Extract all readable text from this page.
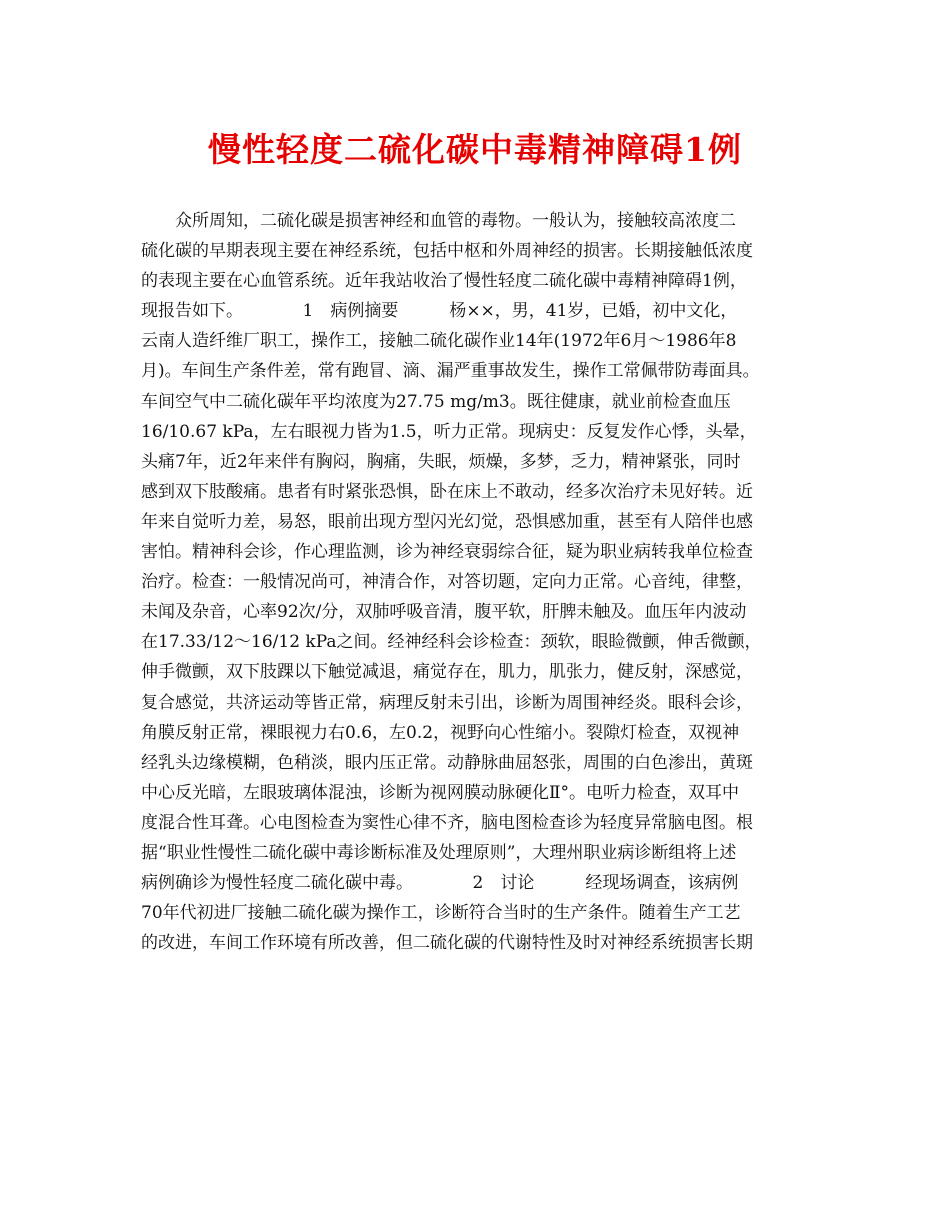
慢性轻度二硫化碳中毒精神障碍1例
　　众所周知，二硫化碳是损害神经和血管的毒物。一般认为，接触较高浓度二
硫化碳的早期表现主要在神经系统，包括中枢和外周神经的损害。长期接触低浓度
的表现主要在心血管系统。近年我站收治了慢性轻度二硫化碳中毒精神障碍1例，
现报告如下。　　　　1　病例摘要　　　杨××，男，41岁，已婚，初中文化，
云南人造纤维厂职工，操作工，接触二硫化碳作业14年(1972年6月～1986年8
月)。车间生产条件差，常有跑冒、滴、漏严重事故发生，操作工常佩带防毒面具。
车间空气中二硫化碳年平均浓度为27.75 mg/m3。既往健康，就业前检查血压
16/10.67 kPa，左右眼视力皆为1.5，听力正常。现病史：反复发作心悸，头晕，
头痛7年，近2年来伴有胸闷，胸痛，失眠，烦燥，多梦，乏力，精神紧张，同时
感到双下肢酸痛。患者有时紧张恐惧，卧在床上不敢动，经多次治疗未见好转。近
年来自觉听力差，易怒，眼前出现方型闪光幻觉，恐惧感加重，甚至有人陪伴也感
害怕。精神科会诊，作心理监测，诊为神经衰弱综合征，疑为职业病转我单位检查
治疗。检查：一般情况尚可，神清合作，对答切题，定向力正常。心音纯，律整，
未闻及杂音，心率92次/分，双肺呼吸音清，腹平软，肝脾未触及。血压年内波动
在17.33/12～16/12 kPa之间。经神经科会诊检查：颈软，眼睑微颤，伸舌微颤，
伸手微颤，双下肢踝以下触觉减退，痛觉存在，肌力，肌张力，健反射，深感觉，
复合感觉，共济运动等皆正常，病理反射未引出，诊断为周围神经炎。眼科会诊，
角膜反射正常，裸眼视力右0.6，左0.2，视野向心性缩小。裂隙灯检查，双视神
经乳头边缘模糊，色稍淡，眼内压正常。动静脉曲屈怒张，周围的白色渗出，黄斑
中心反光暗，左眼玻璃体混浊，诊断为视网膜动脉硬化Ⅱ°。电听力检查，双耳中
度混合性耳聋。心电图检查为窦性心律不齐，脑电图检查诊为轻度异常脑电图。根
据“职业性慢性二硫化碳中毒诊断标准及处理原则”，大理州职业病诊断组将上述
病例确诊为慢性轻度二硫化碳中毒。　　　　2　讨论　　　经现场调查，该病例
70年代初进厂接触二硫化碳为操作工，诊断符合当时的生产条件。随着生产工艺
的改进，车间工作环境有所改善，但二硫化碳的代谢特性及时对神经系统损害长期
